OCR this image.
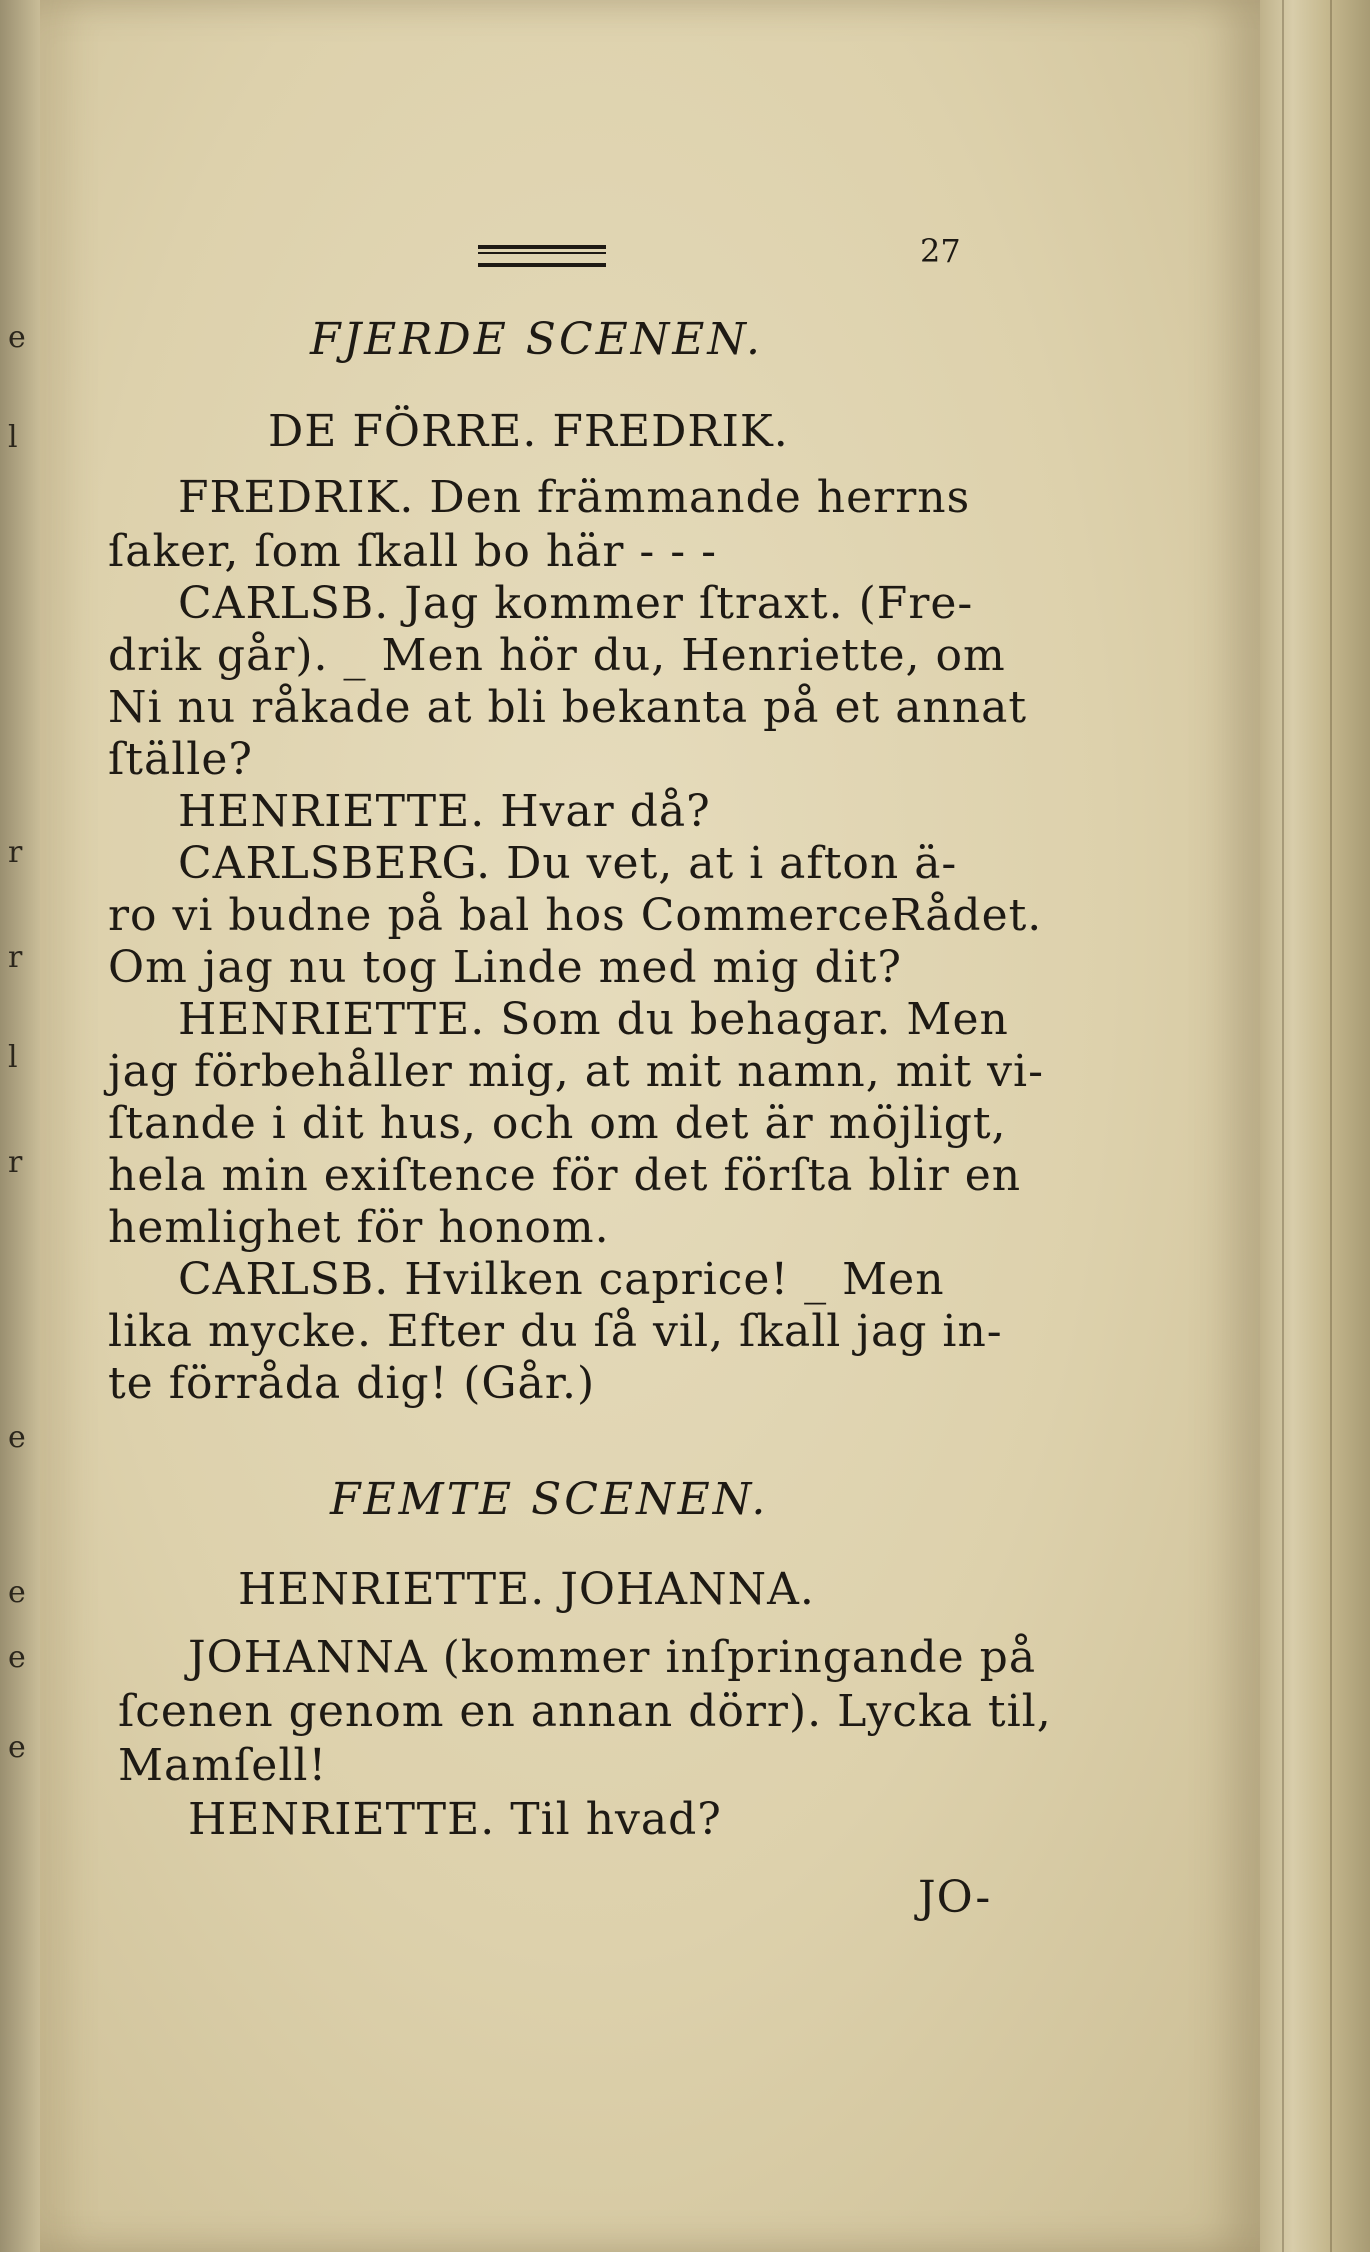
e
l
r
r
l
r
e
e
e
e
27
FJERDE SCENEN.
DE FÖRRE. FREDRIK.
FREDRIK. Den främmande herrns
ſaker, ſom ſkall bo här - - -
CARLSB. Jag kommer ſtraxt. (Fre-
drik går). _ Men hör du, Henriette, om
Ni nu råkade at bli bekanta på et annat
ſtälle?
HENRIETTE. Hvar då?
CARLSBERG. Du vet, at i afton ä-
ro vi budne på bal hos CommerceRådet.
Om jag nu tog Linde med mig dit?
HENRIETTE. Som du behagar. Men
jag förbehåller mig, at mit namn, mit vi-
ſtande i dit hus, och om det är möjligt,
hela min exiſtence för det förſta blir en
hemlighet för honom.
CARLSB. Hvilken caprice! _ Men
lika mycke. Efter du ſå vil, ſkall jag in-
te förråda dig! (Går.)
FEMTE SCENEN.
HENRIETTE. JOHANNA.
JOHANNA (kommer inſpringande på
ſcenen genom en annan dörr). Lycka til,
Mamſell!
HENRIETTE. Til hvad?
JO-
